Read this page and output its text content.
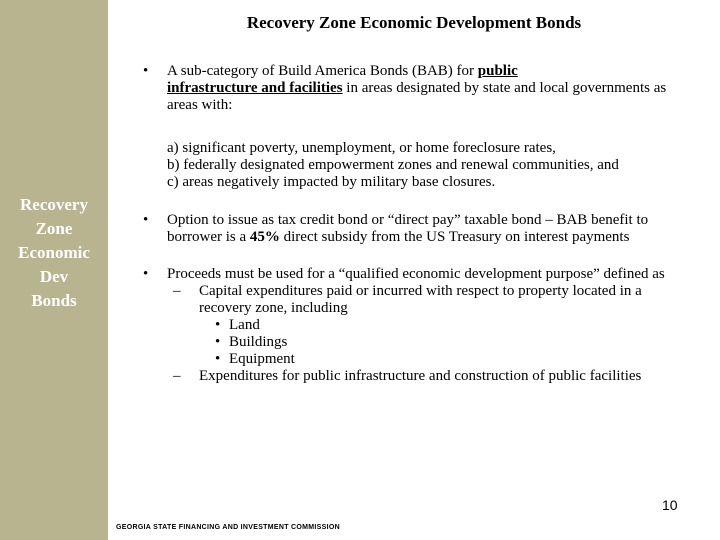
Recovery
Zone
Economic
Dev
Bonds
Recovery Zone Economic Development Bonds
• A sub-category of Build America Bonds (BAB) for public
infrastructure and facilities in areas designated by state and local governments as areas with:
a) significant poverty, unemployment, or home foreclosure rates,
b) federally designated empowerment zones and renewal communities, and
c) areas negatively impacted by military base closures.
• Option to issue as tax credit bond or “direct pay” taxable bond – BAB benefit to borrower is a 45% direct subsidy from the US Treasury on interest payments
• Proceeds must be used for a “qualified economic development purpose” defined as
– Capital expenditures paid or incurred with respect to property located in a recovery zone, including
• Land
• Buildings
• Equipment
– Expenditures for public infrastructure and construction of public facilities
10
GEORGIA STATE FINANCING AND INVESTMENT COMMISSION
